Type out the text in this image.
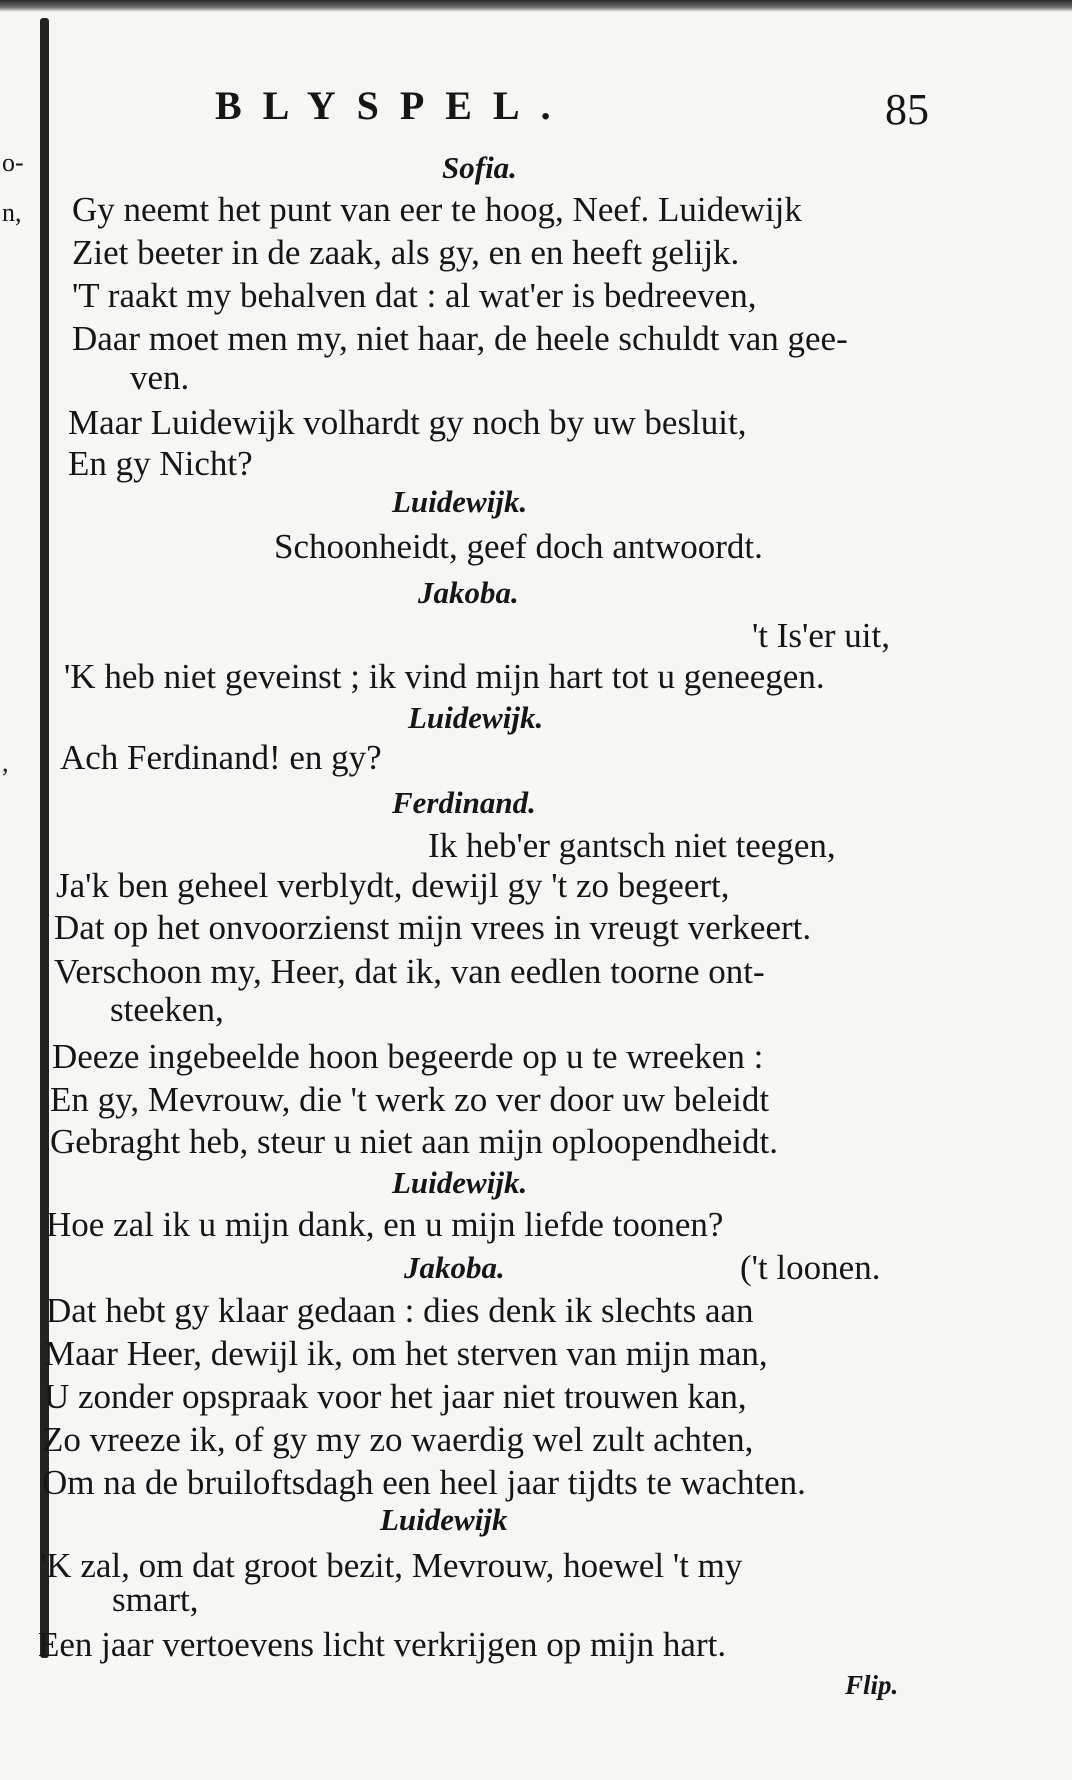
o-
n,
,
BLYSPEL.	85
Sofia.
Gy neemt het punt van eer te hoog, Neef. Luidewijk
Ziet beeter in de zaak, als gy, en en heeft gelijk.
'T raakt my behalven dat : al wat'er is bedreeven,
Daar moet men my, niet haar, de heele schuldt van gee-
ven.
Maar Luidewijk volhardt gy noch by uw besluit,
En gy Nicht?
Luidewijk.
Schoonheidt, geef doch antwoordt.
Jakoba.
't Is'er uit,
'K heb niet geveinst ; ik vind mijn hart tot u geneegen.
Luidewijk.
Ach Ferdinand! en gy?
Ferdinand.
Ik heb'er gantsch niet teegen,
Ja'k ben geheel verblydt, dewijl gy 't zo begeert,
Dat op het onvoorzienst mijn vrees in vreugt verkeert.
Verschoon my, Heer, dat ik, van eedlen toorne ont-
steeken,
Deeze ingebeelde hoon begeerde op u te wreeken :
En gy, Mevrouw, die 't werk zo ver door uw beleidt
Gebraght heb, steur u niet aan mijn oploopendheidt.
Luidewijk.
Hoe zal ik u mijn dank, en u mijn liefde toonen?
Jakoba.	('t loonen.
Dat hebt gy klaar gedaan : dies denk ik slechts aan
Maar Heer, dewijl ik, om het sterven van mijn man,
U zonder opspraak voor het jaar niet trouwen kan,
Zo vreeze ik, of gy my zo waerdig wel zult achten,
Om na de bruiloftsdagh een heel jaar tijdts te wachten.
Luidewijk
'K zal, om dat groot bezit, Mevrouw, hoewel 't my
smart,
Een jaar vertoevens licht verkrijgen op mijn hart.
Flip.
